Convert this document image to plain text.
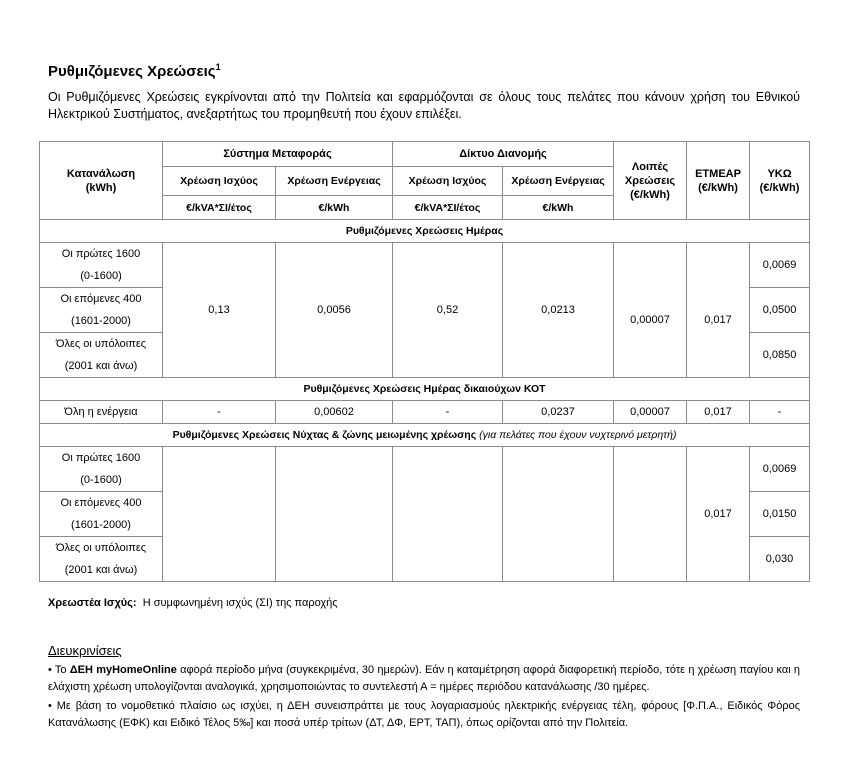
Ρυθμιζόμενες Χρεώσεις$^1$
Οι Ρυθμιζόμενες Χρεώσεις εγκρίνονται από την Πολιτεία και εφαρμόζονται σε όλους τους πελάτες που κάνουν χρήση του Εθνικού Ηλεκτρικού Συστήματος, ανεξαρτήτως του προμηθευτή που έχουν επιλέξει.
Κατανάλωση (kWh)	Σύστημα Μεταφοράς		Δίκτυο Διανομής		Λοιπές Χρεώσεις (€/kWh)	ΕΤΜΕΑΡ (€/kWh)	ΥΚΩ (€/kWh)
	Χρέωση Ισχύος	Χρέωση Ενέργειας	Χρέωση Ισχύος	Χρέωση Ενέργειας			
	€/kVA*ΣΙ/έτος	€/kWh	€/kVA*ΣΙ/έτος	€/kWh			
Ρυθμιζόμενες Χρεώσεις Ημέρας							

Οι πρώτες 1600
(0-1600)	0,13	0,0056	0,52	0,0213	0,00007	0,017	0,0069

Οι επόμενες 400
(1601-2000)							0,0500

Όλες οι υπόλοιπες
(2001 και άνω)							0,0850
Ρυθμιζόμενες Χρεώσεις Ημέρας δικαιούχων ΚΟΤ							
Όλη η ενέργεια	-	0,00602	-	0,0237	0,00007	0,017	-
Ρυθμιζόμενες Χρεώσεις Νύχτας & ζώνης μειωμένης χρέωσης (για πελάτες που έχουν νυχτερινό μετρητή)							

Οι πρώτες 1600
(0-1600)						0,017	0,0069

Οι επόμενες 400
(1601-2000)							0,0150

Όλες οι υπόλοιπες
(2001 και άνω)							0,030
Χρεωστέα Ισχύς: Η συμφωνημένη ισχύς (ΣΙ) της παροχής
Διευκρινίσεις

• Το ΔΕΗ myHomeOnline αφορά περίοδο μήνα (συγκεκριμένα, 30 ημερών). Εάν η καταμέτρηση αφορά διαφορετική περίοδο, τότε η χρέωση παγίου και η ελάχιστη χρέωση υπολογίζονται αναλογικά, χρησιμοποιώντας το συντελεστή Α = ημέρες περιόδου κατανάλωσης /30 ημέρες.

• Με βάση το νομοθετικό πλαίσιο ως ισχύει, η ΔΕΗ συνεισπράττει με τους λογαριασμούς ηλεκτρικής ενέργειας τέλη, φόρους [Φ.Π.Α., Ειδικός Φόρος Κατανάλωσης (ΕΦΚ) και Ειδικό Τέλος 5‰] και ποσά υπέρ τρίτων (ΔΤ, ΔΦ, ΕΡΤ, ΤΑΠ), όπως ορίζονται από την Πολιτεία.
